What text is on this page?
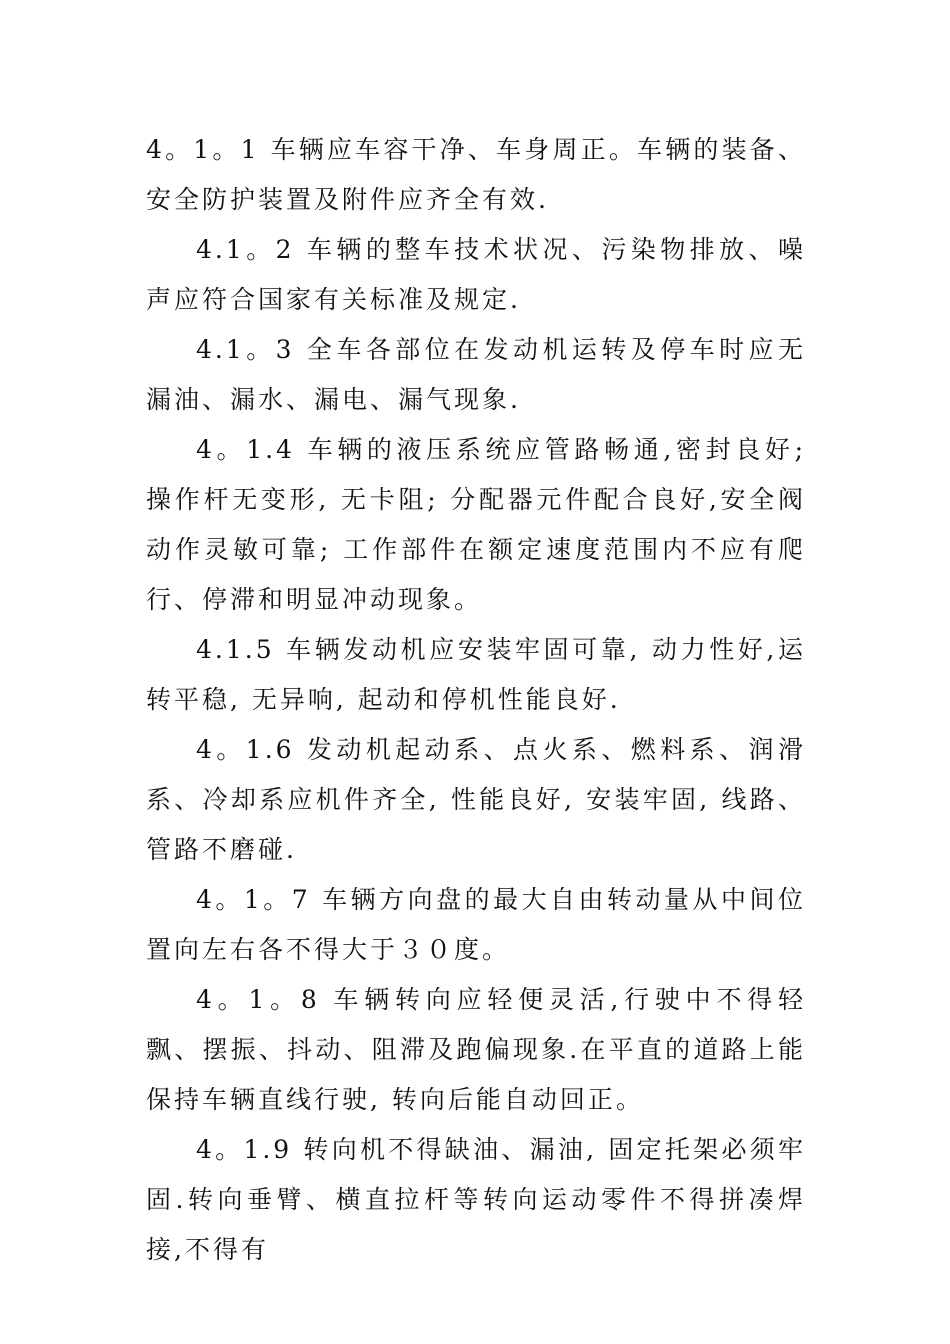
4。1。1 车辆应车容干净、车身周正。车辆的装备、安全防护装置及附件应齐全有效.

4.1。2 车辆的整车技术状况、污染物排放、噪声应符合国家有关标准及规定.

4.1。3 全车各部位在发动机运转及停车时应无漏油、漏水、漏电、漏气现象.

4。1.4 车辆的液压系统应管路畅通,密封良好; 操作杆无变形, 无卡阻; 分配器元件配合良好,安全阀动作灵敏可靠; 工作部件在额定速度范围内不应有爬行、停滞和明显冲动现象。

4.1.5 车辆发动机应安装牢固可靠, 动力性好,运转平稳, 无异响, 起动和停机性能良好.

4。1.6 发动机起动系、点火系、燃料系、润滑系、冷却系应机件齐全, 性能良好, 安装牢固, 线路、管路不磨碰.

4。1。7 车辆方向盘的最大自由转动量从中间位置向左右各不得大于３０度。

4。1。8 车辆转向应轻便灵活,行驶中不得轻飘、摆振、抖动、阻滞及跑偏现象.在平直的道路上能保持车辆直线行驶, 转向后能自动回正。

4。1.9 转向机不得缺油、漏油, 固定托架必须牢固.转向垂臂、横直拉杆等转向运动零件不得拼凑焊接,不得有
